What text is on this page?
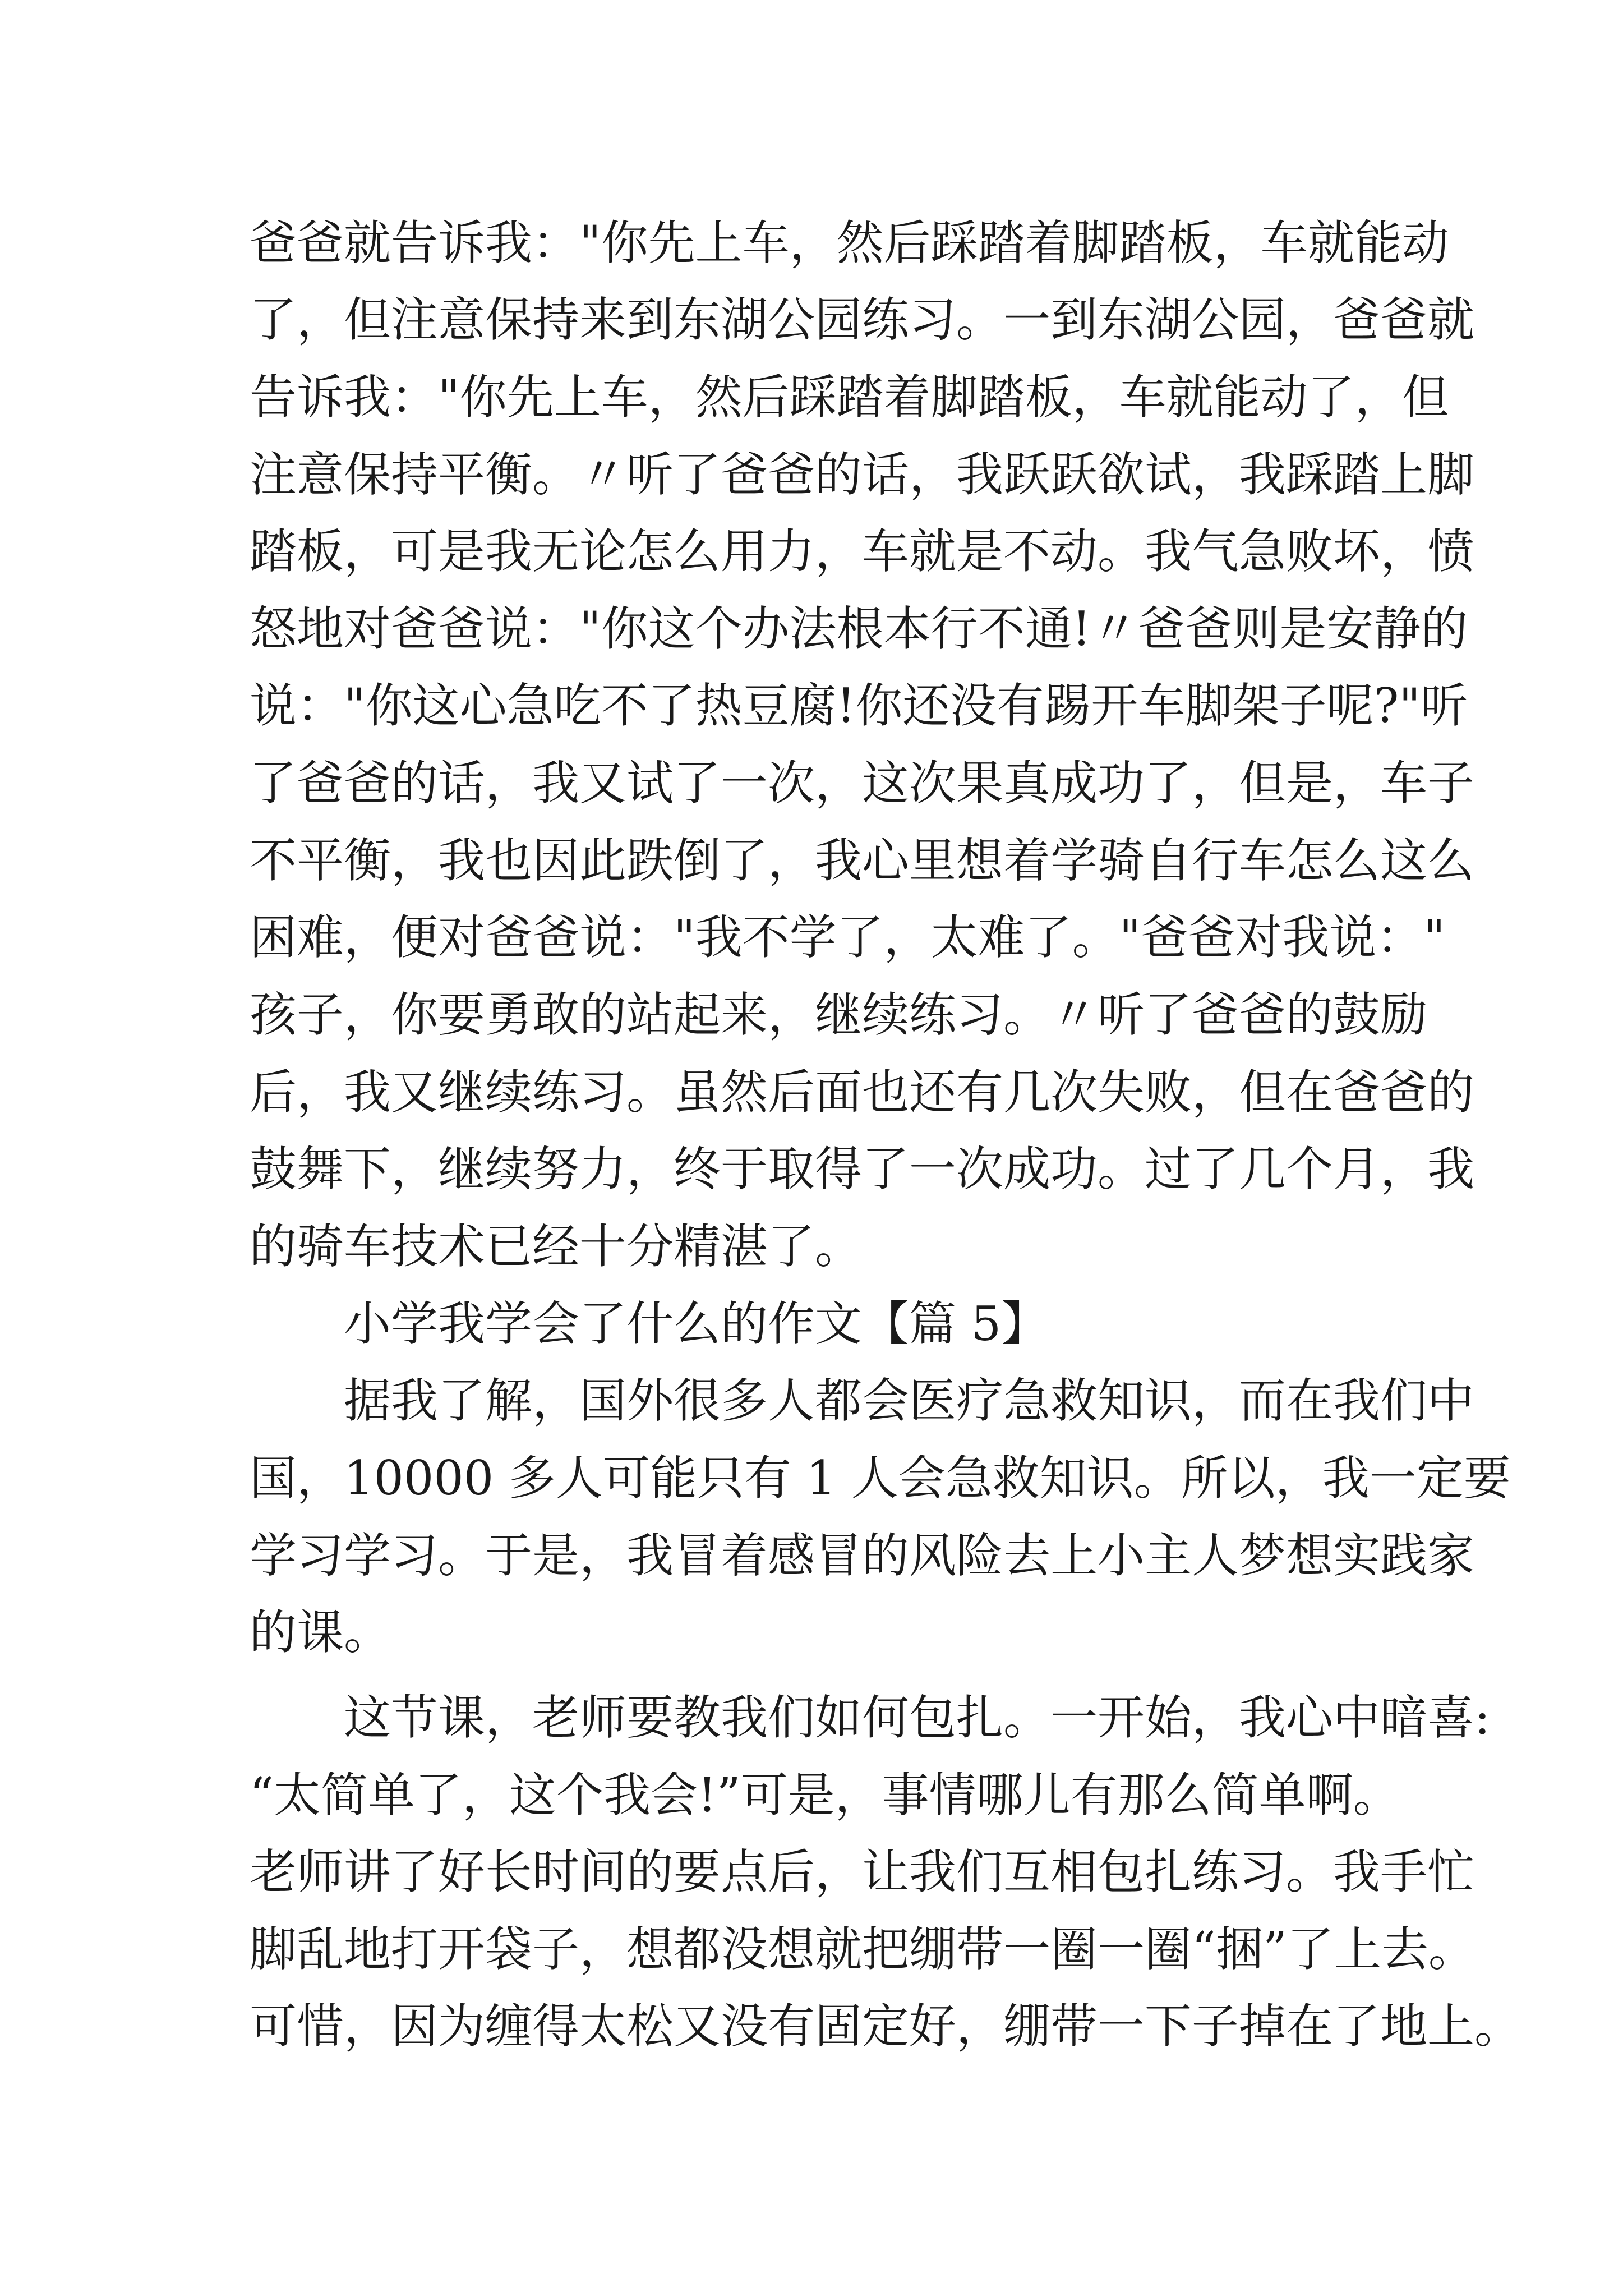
爸爸就告诉我："你先上车，然后踩踏着脚踏板，车就能动
了，但注意保持来到东湖公园练习。一到东湖公园，爸爸就
告诉我："你先上车，然后踩踏着脚踏板，车就能动了，但
注意保持平衡。〃听了爸爸的话，我跃跃欲试，我踩踏上脚
踏板，可是我无论怎么用力，车就是不动。我气急败坏，愤
怒地对爸爸说："你这个办法根本行不通!〃爸爸则是安静的
说："你这心急吃不了热豆腐!你还没有踢开车脚架子呢?"听
了爸爸的话，我又试了一次，这次果真成功了，但是，车子
不平衡，我也因此跌倒了，我心里想着学骑自行车怎么这么
困难，便对爸爸说："我不学了，太难了。"爸爸对我说："
孩子，你要勇敢的站起来，继续练习。〃听了爸爸的鼓励
后，我又继续练习。虽然后面也还有几次失败，但在爸爸的
鼓舞下，继续努力，终于取得了一次成功。过了几个月，我
的骑车技术已经十分精湛了。
小学我学会了什么的作文【篇 5】
据我了解，国外很多人都会医疗急救知识，而在我们中
国，10000 多人可能只有 1 人会急救知识。所以，我一定要
学习学习。于是，我冒着感冒的风险去上小主人梦想实践家
的课。
这节课，老师要教我们如何包扎。一开始，我心中暗喜:
“太简单了，这个我会!”可是，事情哪儿有那么简单啊。
老师讲了好长时间的要点后，让我们互相包扎练习。我手忙
脚乱地打开袋子，想都没想就把绷带一圈一圈“捆”了上去。
可惜，因为缠得太松又没有固定好，绷带一下子掉在了地上。
